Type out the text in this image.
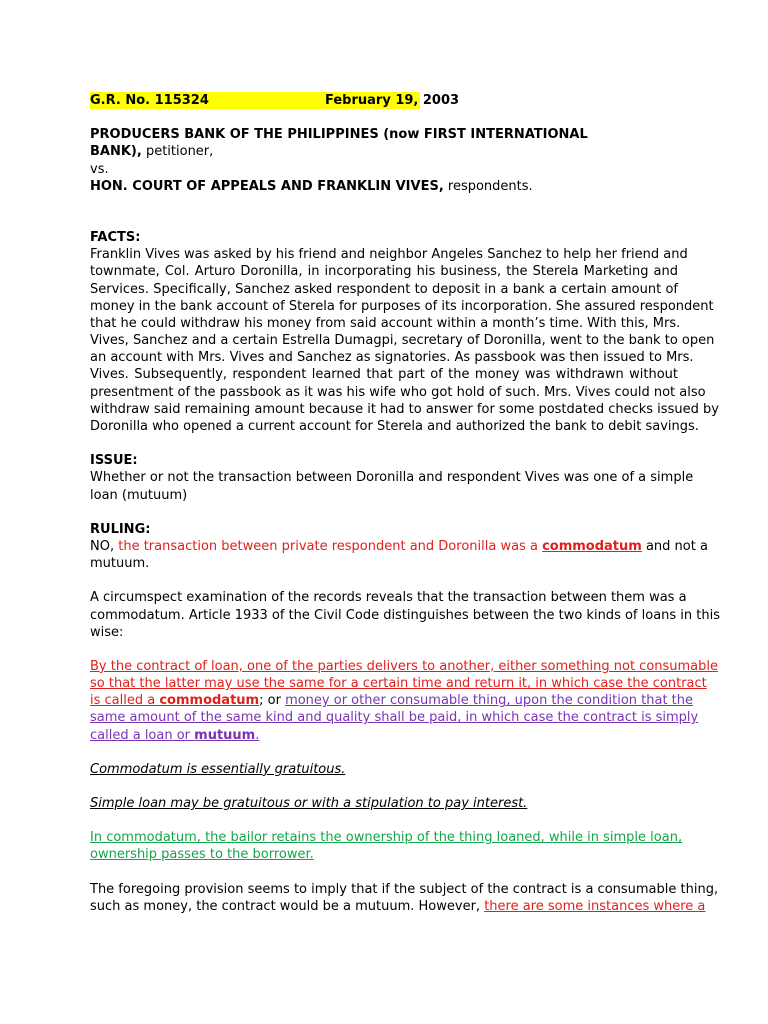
G.R. No. 115324	February 19, 2003
PRODUCERS BANK OF THE PHILIPPINES (now FIRST INTERNATIONAL
BANK), petitioner,
vs.
HON. COURT OF APPEALS AND FRANKLIN VIVES, respondents.
FACTS:
Franklin Vives was asked by his friend and neighbor Angeles Sanchez to help her friend and
townmate, Col. Arturo Doronilla, in incorporating his business, the Sterela Marketing and
Services. Specifically, Sanchez asked respondent to deposit in a bank a certain amount of
money in the bank account of Sterela for purposes of its incorporation. She assured respondent
that he could withdraw his money from said account within a month’s time. With this, Mrs.
Vives, Sanchez and a certain Estrella Dumagpi, secretary of Doronilla, went to the bank to open
an account with Mrs. Vives and Sanchez as signatories. As passbook was then issued to Mrs.
Vives. Subsequently, respondent learned that part of the money was withdrawn without
presentment of the passbook as it was his wife who got hold of such. Mrs. Vives could not also
withdraw said remaining amount because it had to answer for some postdated checks issued by
Doronilla who opened a current account for Sterela and authorized the bank to debit savings.
ISSUE:
Whether or not the transaction between Doronilla and respondent Vives was one of a simple
loan (mutuum)
RULING:
NO, the transaction between private respondent and Doronilla was a commodatum and not a
mutuum.
A circumspect examination of the records reveals that the transaction between them was a
commodatum. Article 1933 of the Civil Code distinguishes between the two kinds of loans in this
wise:
By the contract of loan, one of the parties delivers to another, either something not consumable
so that the latter may use the same for a certain time and return it, in which case the contract
is called a commodatum; or money or other consumable thing, upon the condition that the
same amount of the same kind and quality shall be paid, in which case the contract is simply
called a loan or mutuum.
Commodatum is essentially gratuitous.
Simple loan may be gratuitous or with a stipulation to pay interest.
In commodatum, the bailor retains the ownership of the thing loaned, while in simple loan,
ownership passes to the borrower.
The foregoing provision seems to imply that if the subject of the contract is a consumable thing,
such as money, the contract would be a mutuum. However, there are some instances where a
